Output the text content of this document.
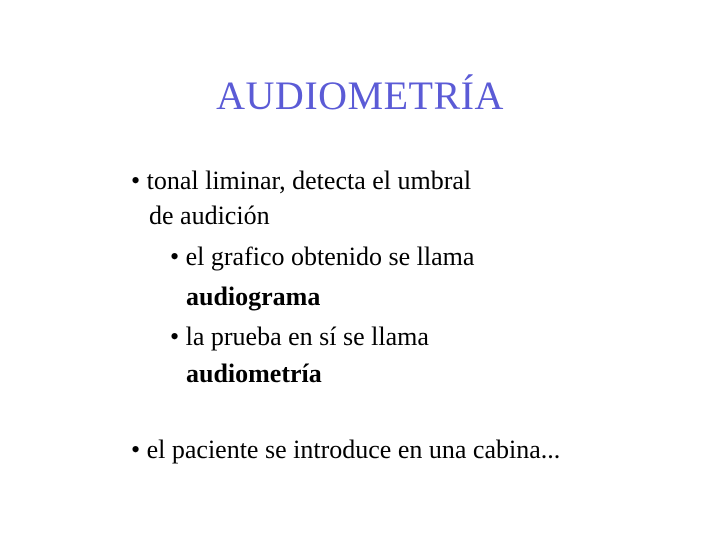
AUDIOMETRÍA
• tonal liminar, detecta el umbral
de audición
• el grafico obtenido se llama
audiograma
• la prueba en sí se llama
audiometría
• el paciente se introduce en una cabina...
